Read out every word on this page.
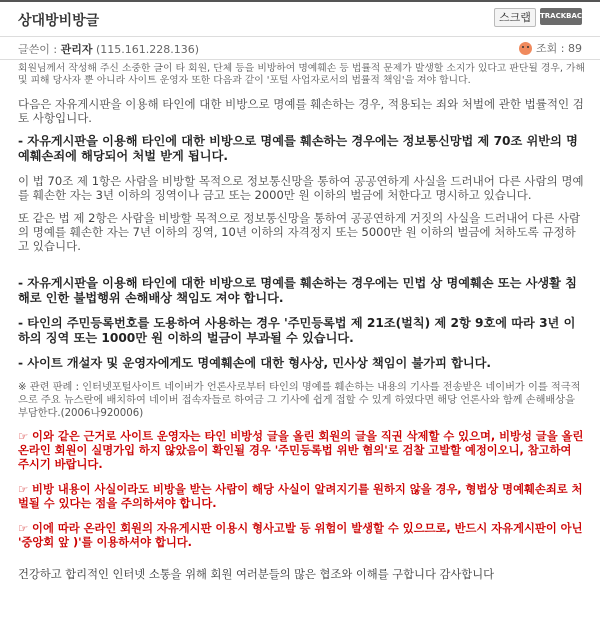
상대방비방글	스크랩	TRACKBACK
글쓴이 : 관리자 (115.161.228.136)	조회 : 89

회원님께서 작성해 주신 소중한 글이 타 회원, 단체 등을 비방하여 명예훼손 등 법률적 문제가 발생할 소지가 있다고 판단될 경우, 가해 및 피해 당사자 뿐 아니라 사이트 운영자 또한 다음과 같이 '포털 사업자로서의 법률적 책임'을 져야 합니다.

다음은 자유게시판을 이용해 타인에 대한 비방으로 명예를 훼손하는 경우, 적용되는 죄와 처벌에 관한 법률적인 검토 사항입니다.

- 자유게시판을 이용해 타인에 대한 비방으로 명예를 훼손하는 경우에는 정보통신망법 제 70조 위반의 명예훼손죄에 해당되어 처벌 받게 됩니다.

이 법 70조 제 1항은 사람을 비방할 목적으로 정보통신망을 통하여 공공연하게 사실을 드러내어 다른 사람의 명예를 훼손한 자는 3년 이하의 징역이나 금고 또는 2000만 원 이하의 벌금에 처한다고 명시하고 있습니다.

또 같은 법 제 2항은 사람을 비방할 목적으로 정보통신망을 통하여 공공연하게 거짓의 사실을 드러내어 다른 사람의 명예를 훼손한 자는 7년 이하의 징역, 10년 이하의 자격정지 또는 5000만 원 이하의 벌금에 처하도록 규정하고 있습니다.

- 자유게시판을 이용해 타인에 대한 비방으로 명예를 훼손하는 경우에는 민법 상 명예훼손 또는 사생활 침해로 인한 불법행위 손해배상 책임도 져야 합니다.

- 타인의 주민등록번호를 도용하여 사용하는 경우 '주민등록법 제 21조(벌칙) 제 2항 9호에 따라 3년 이하의 징역 또는 1000만 원 이하의 벌금이 부과될 수 있습니다.

- 사이트 개설자 및 운영자에게도 명예훼손에 대한 형사상, 민사상 책임이 불가피 합니다.

※ 관련 판례 : 인터넷포털사이트 네이버가 언론사로부터 타인의 명예를 훼손하는 내용의 기사를 전송받은 네이버가 이를 적극적으로 주요 뉴스란에 배치하여 네이버 접속자들로 하여금 그 기사에 쉽게 접할 수 있게 하였다면 해당 언론사와 함께 손해배상을 부담한다.(2006나920006)

☞ 이와 같은 근거로 사이트 운영자는 타인 비방성 글을 올린 회원의 글을 직권 삭제할 수 있으며, 비방성 글을 올린 온라인 회원이 실명가입 하지 않았음이 확인될 경우 '주민등록법 위반 혐의'로 검찰 고발할 예정이오니, 참고하여 주시기 바랍니다.

☞ 비방 내용이 사실이라도 비방을 받는 사람이 해당 사실이 알려지기를 원하지 않을 경우, 형법상 명예훼손죄로 처벌될 수 있다는 점을 주의하셔야 합니다.

☞ 이에 따라 온라인 회원의 자유게시판 이용시 형사고발 등 위험이 발생할 수 있으므로, 반드시 자유게시판이 아닌 '중앙회 앞 )'를 이용하셔야 합니다.

건강하고 합리적인 인터넷 소통을 위해 회원 여러분들의 많은 협조와 이해를 구합니다 감사합니다
